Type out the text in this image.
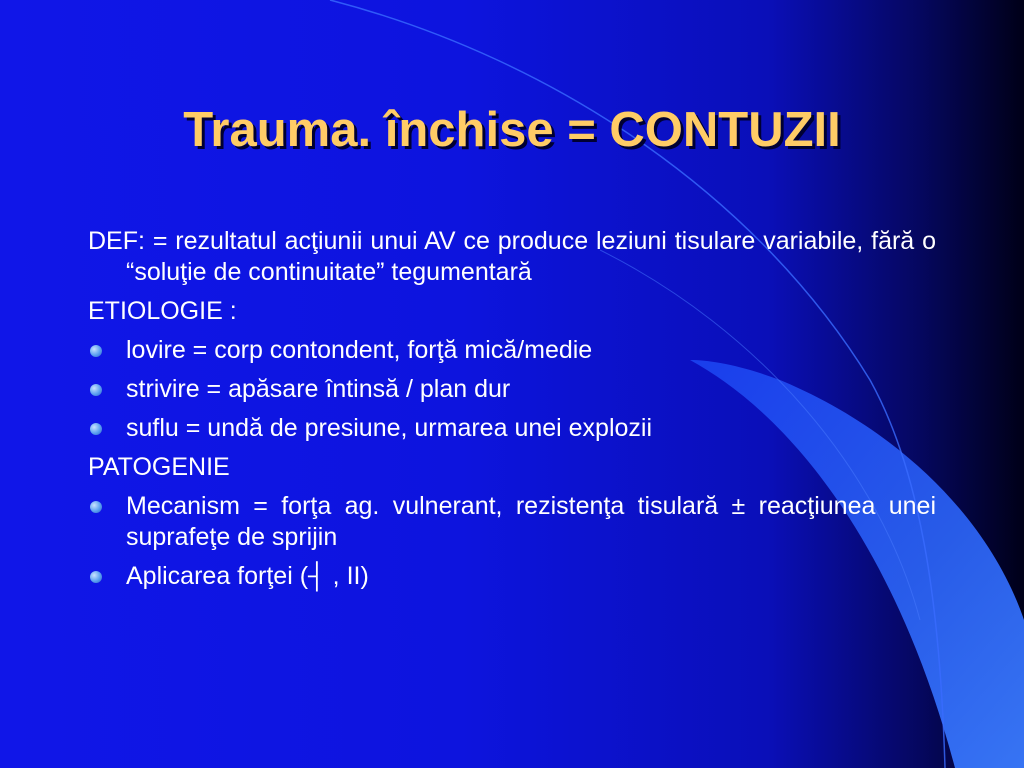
Trauma. închise = CONTUZII

DEF: = rezultatul acţiunii unui AV ce produce leziuni tisulare variabile, fără o “soluţie de continuitate” tegumentară

ETIOLOGIE :

lovire = corp contondent, forţă mică/medie
strivire = apăsare întinsă / plan dur
suflu = undă de presiune, urmarea unei explozii

PATOGENIE

Mecanism = forţa ag. vulnerant, rezistenţa tisulară ± reacţiunea unei suprafeţe de sprijin
Aplicarea forţei (┤ , II)
